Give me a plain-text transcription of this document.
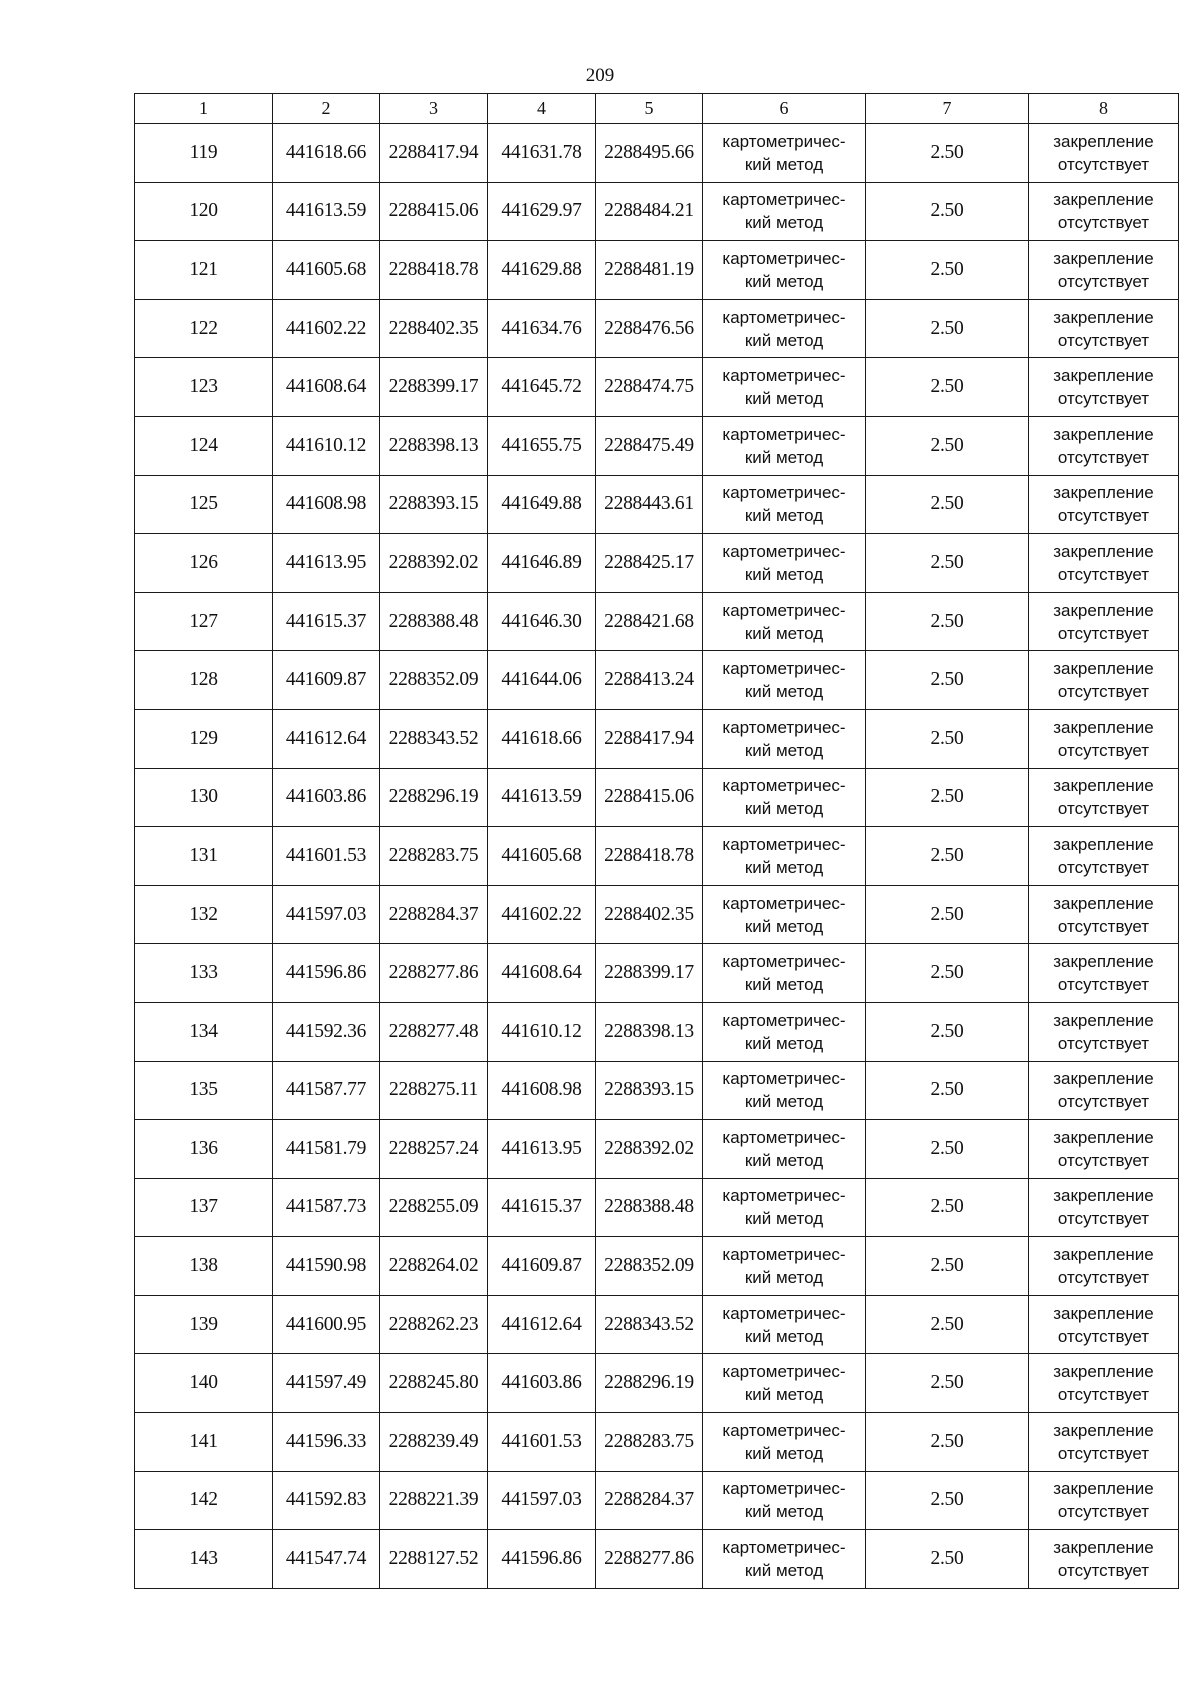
209
1	2	3	4	5	6	7	8
119	441618.66	2288417.94	441631.78	2288495.66	картометричес-
кий метод	2.50	закрепление
отсутствует

120	441613.59	2288415.06	441629.97	2288484.21	картометричес-
кий метод	2.50	закрепление
отсутствует

121	441605.68	2288418.78	441629.88	2288481.19	картометричес-
кий метод	2.50	закрепление
отсутствует

122	441602.22	2288402.35	441634.76	2288476.56	картометричес-
кий метод	2.50	закрепление
отсутствует

123	441608.64	2288399.17	441645.72	2288474.75	картометричес-
кий метод	2.50	закрепление
отсутствует

124	441610.12	2288398.13	441655.75	2288475.49	картометричес-
кий метод	2.50	закрепление
отсутствует

125	441608.98	2288393.15	441649.88	2288443.61	картометричес-
кий метод	2.50	закрепление
отсутствует

126	441613.95	2288392.02	441646.89	2288425.17	картометричес-
кий метод	2.50	закрепление
отсутствует

127	441615.37	2288388.48	441646.30	2288421.68	картометричес-
кий метод	2.50	закрепление
отсутствует

128	441609.87	2288352.09	441644.06	2288413.24	картометричес-
кий метод	2.50	закрепление
отсутствует

129	441612.64	2288343.52	441618.66	2288417.94	картометричес-
кий метод	2.50	закрепление
отсутствует

130	441603.86	2288296.19	441613.59	2288415.06	картометричес-
кий метод	2.50	закрепление
отсутствует

131	441601.53	2288283.75	441605.68	2288418.78	картометричес-
кий метод	2.50	закрепление
отсутствует

132	441597.03	2288284.37	441602.22	2288402.35	картометричес-
кий метод	2.50	закрепление
отсутствует

133	441596.86	2288277.86	441608.64	2288399.17	картометричес-
кий метод	2.50	закрепление
отсутствует

134	441592.36	2288277.48	441610.12	2288398.13	картометричес-
кий метод	2.50	закрепление
отсутствует

135	441587.77	2288275.11	441608.98	2288393.15	картометричес-
кий метод	2.50	закрепление
отсутствует

136	441581.79	2288257.24	441613.95	2288392.02	картометричес-
кий метод	2.50	закрепление
отсутствует

137	441587.73	2288255.09	441615.37	2288388.48	картометричес-
кий метод	2.50	закрепление
отсутствует

138	441590.98	2288264.02	441609.87	2288352.09	картометричес-
кий метод	2.50	закрепление
отсутствует

139	441600.95	2288262.23	441612.64	2288343.52	картометричес-
кий метод	2.50	закрепление
отсутствует

140	441597.49	2288245.80	441603.86	2288296.19	картометричес-
кий метод	2.50	закрепление
отсутствует

141	441596.33	2288239.49	441601.53	2288283.75	картометричес-
кий метод	2.50	закрепление
отсутствует

142	441592.83	2288221.39	441597.03	2288284.37	картометричес-
кий метод	2.50	закрепление
отсутствует

143	441547.74	2288127.52	441596.86	2288277.86	картометричес-
кий метод	2.50	закрепление
отсутствует
